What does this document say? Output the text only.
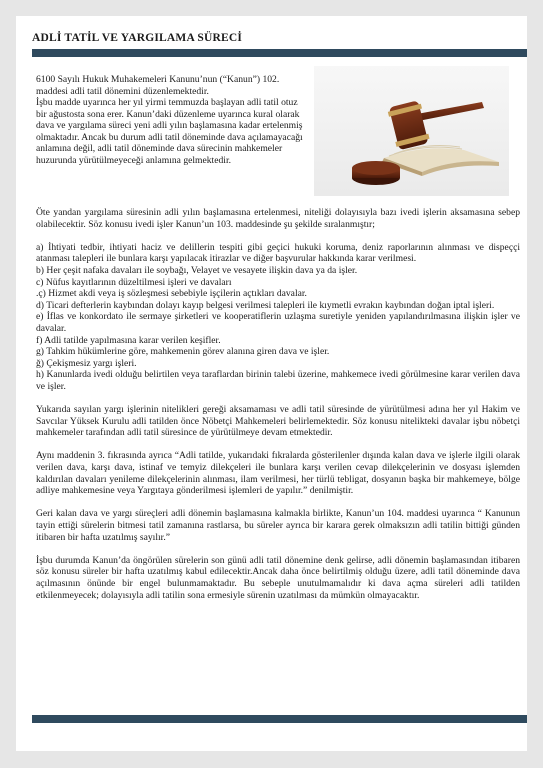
ADLİ TATİL VE YARGILAMA SÜRECİ

6100 Sayılı Hukuk Muhakemeleri Kanunu’nun (“Kanun”) 102. maddesi adli tatil dönemini düzenlemektedir.

İşbu madde uyarınca her yıl yirmi temmuzda başlayan adli tatil otuz bir ağustosta sona erer. Kanun’daki düzenleme uyarınca kural olarak dava ve yargılama süreci yeni adli yılın başlamasına kadar ertelenmiş olmaktadır. Ancak bu durum adli tatil döneminde dava açılamayacağı anlamına değil, adli tatil döneminde dava sürecinin mahkemeler huzurunda yürütülmeyeceği anlamına gelmektedir.

Öte yandan yargılama süresinin adli yılın başlamasına ertelenmesi, niteliği dolayısıyla bazı ivedi işlerin aksamasına sebep olabilecektir. Söz konusu ivedi işler Kanun’un 103. maddesinde şu şekilde sıralanmıştır;

a) İhtiyati tedbir, ihtiyati haciz ve delillerin tespiti gibi geçici hukuki koruma, deniz raporlarının alınması ve dispeççi atanması talepleri ile bunlara karşı yapılacak itirazlar ve diğer başvurular hakkında karar verilmesi.

b) Her çeşit nafaka davaları ile soybağı, Velayet ve vesayete ilişkin dava ya da işler.

c) Nüfus kayıtlarının düzeltilmesi işleri ve davaları

.ç) Hizmet akdi veya iş sözleşmesi sebebiyle işçilerin açtıkları davalar.

d) Ticari defterlerin kaybından dolayı kayıp belgesi verilmesi talepleri ile kıymetli evrakın kaybından doğan iptal işleri.

e) İflas ve konkordato ile sermaye şirketleri ve kooperatiflerin uzlaşma suretiyle yeniden yapılandırılmasına ilişkin işler ve davalar.

f) Adli tatilde yapılmasına karar verilen keşifler.

g) Tahkim hükümlerine göre, mahkemenin görev alanına giren dava ve işler.

ğ) Çekişmesiz yargı işleri.

h) Kanunlarda ivedi olduğu belirtilen veya taraflardan birinin talebi üzerine, mahkemece ivedi görülmesine karar verilen dava ve işler.

Yukarıda sayılan yargı işlerinin nitelikleri gereği aksamaması ve adli tatil süresinde de yürütülmesi adına her yıl Hakim ve Savcılar Yüksek Kurulu adli tatilden önce Nöbetçi Mahkemeleri belirlemektedir. Söz konusu nitelikteki davalar işbu nöbetçi mahkemeler tarafından adli tatil süresince de yürütülmeye devam etmektedir.

Aynı maddenin 3. fıkrasında ayrıca “Adli tatilde, yukarıdaki fıkralarda gösterilenler dışında kalan dava ve işlerle ilgili olarak verilen dava, karşı dava, istinaf ve temyiz dilekçeleri ile bunlara karşı verilen cevap dilekçelerinin ve dosyası işlemden kaldırılan davaları yenileme dilekçelerinin alınması, ilam verilmesi, her türlü tebligat, dosyanın başka bir mahkemeye, bölge adliye mahkemesine veya Yargıtaya gönderilmesi işlemleri de yapılır.” denilmiştir.

Geri kalan dava ve yargı süreçleri adli dönemin başlamasına kalmakla birlikte, Kanun’un 104. maddesi uyarınca “ Kanunun tayin ettiği sürelerin bitmesi tatil zamanına rastlarsa, bu süreler ayrıca bir karara gerek olmaksızın adli tatilin bittiği günden itibaren bir hafta uzatılmış sayılır.”

İşbu durumda Kanun’da öngörülen sürelerin son günü adli tatil dönemine denk gelirse, adli dönemin başlamasından itibaren söz konusu süreler bir hafta uzatılmış kabul edilecektir.Ancak daha önce belirtilmiş olduğu üzere, adli tatil döneminde dava açılmasının önünde bir engel bulunmamaktadır. Bu sebeple unutulmamalıdır ki dava açma süreleri adli tatilden etkilenmeyecek; dolayısıyla adli tatilin sona ermesiyle sürenin uzatılması da mümkün olmayacaktır.
